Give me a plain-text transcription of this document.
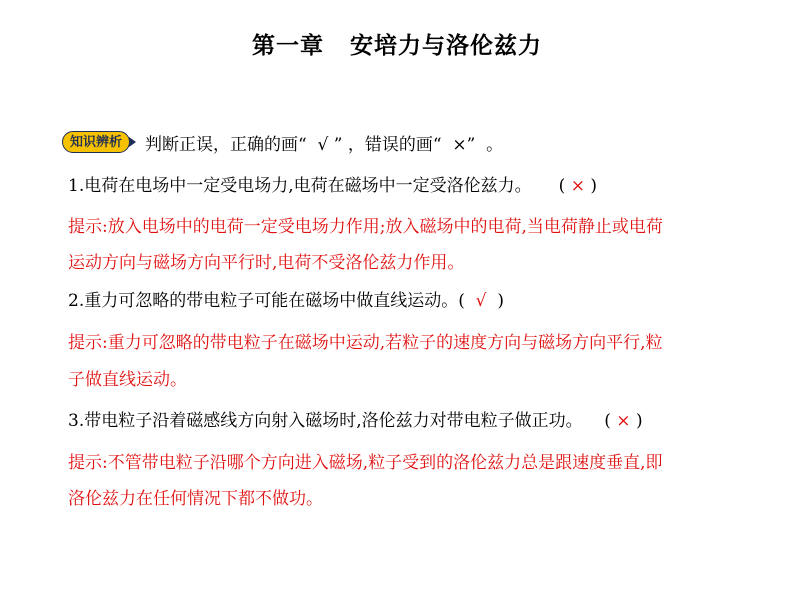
第一章 安培力与洛伦兹力
知识辨析	判断正误，正确的画“  √ ” ，错误的画“  ×”  。
1.电荷在电场中一定受电场力,电荷在磁场中一定受洛伦兹力。 ( × )
提示:放入电场中的电荷一定受电场力作用;放入磁场中的电荷,当电荷静止或电荷
运动方向与磁场方向平行时,电荷不受洛伦兹力作用。
2.重力可忽略的带电粒子可能在磁场中做直线运动。( √ )
提示:重力可忽略的带电粒子在磁场中运动,若粒子的速度方向与磁场方向平行,粒
子做直线运动。
3.带电粒子沿着磁感线方向射入磁场时,洛伦兹力对带电粒子做正功。 ( × )
提示:不管带电粒子沿哪个方向进入磁场,粒子受到的洛伦兹力总是跟速度垂直,即
洛伦兹力在任何情况下都不做功。
